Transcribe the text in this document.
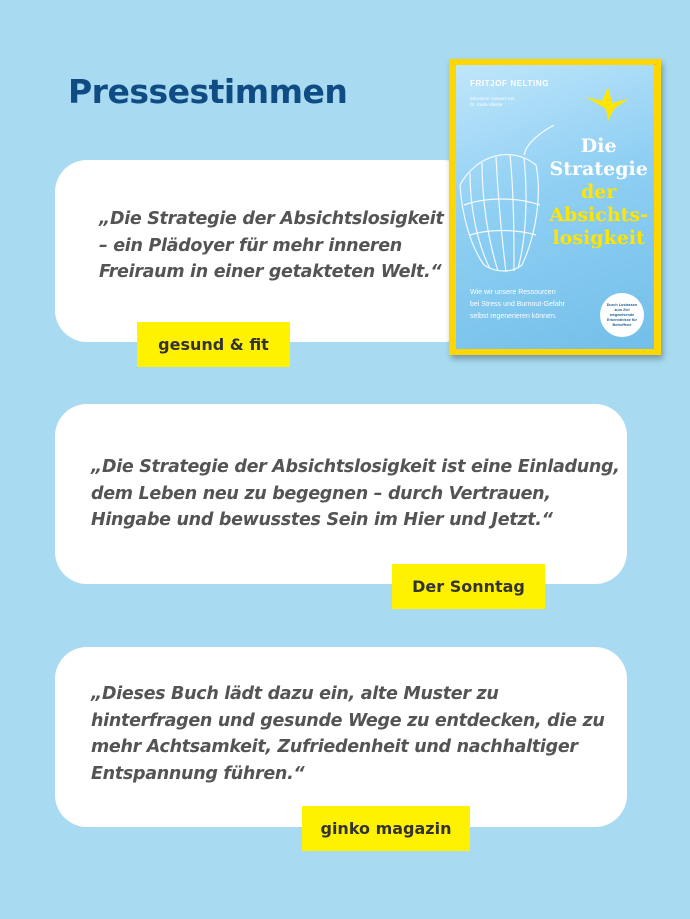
Pressestimmen

„Die Strategie der Absichtslosigkeit
– ein Plädoyer für mehr inneren
Freiraum in einer getakteten Welt.“

gesund & fit
FRITJOF NELTING
Mit einem Vorwort von
Dr. Karla Vikette
Die
Strategie
der
Absichts-
losigkeit
Wie wir unsere Ressourcen
bei Stress und Burnout-Gefahr
selbst regenerieren können.
Durch Loslassen
zum Ziel
wegweisende
Erkenntnisse für
Betroffene

„Die Strategie der Absichtslosigkeit ist eine Einladung,
dem Leben neu zu begegnen – durch Vertrauen,
Hingabe und bewusstes Sein im Hier und Jetzt.“

Der Sonntag

„Dieses Buch lädt dazu ein, alte Muster zu
hinterfragen und gesunde Wege zu entdecken, die zu
mehr Achtsamkeit, Zufriedenheit und nachhaltiger
Entspannung führen.“

ginko magazin
